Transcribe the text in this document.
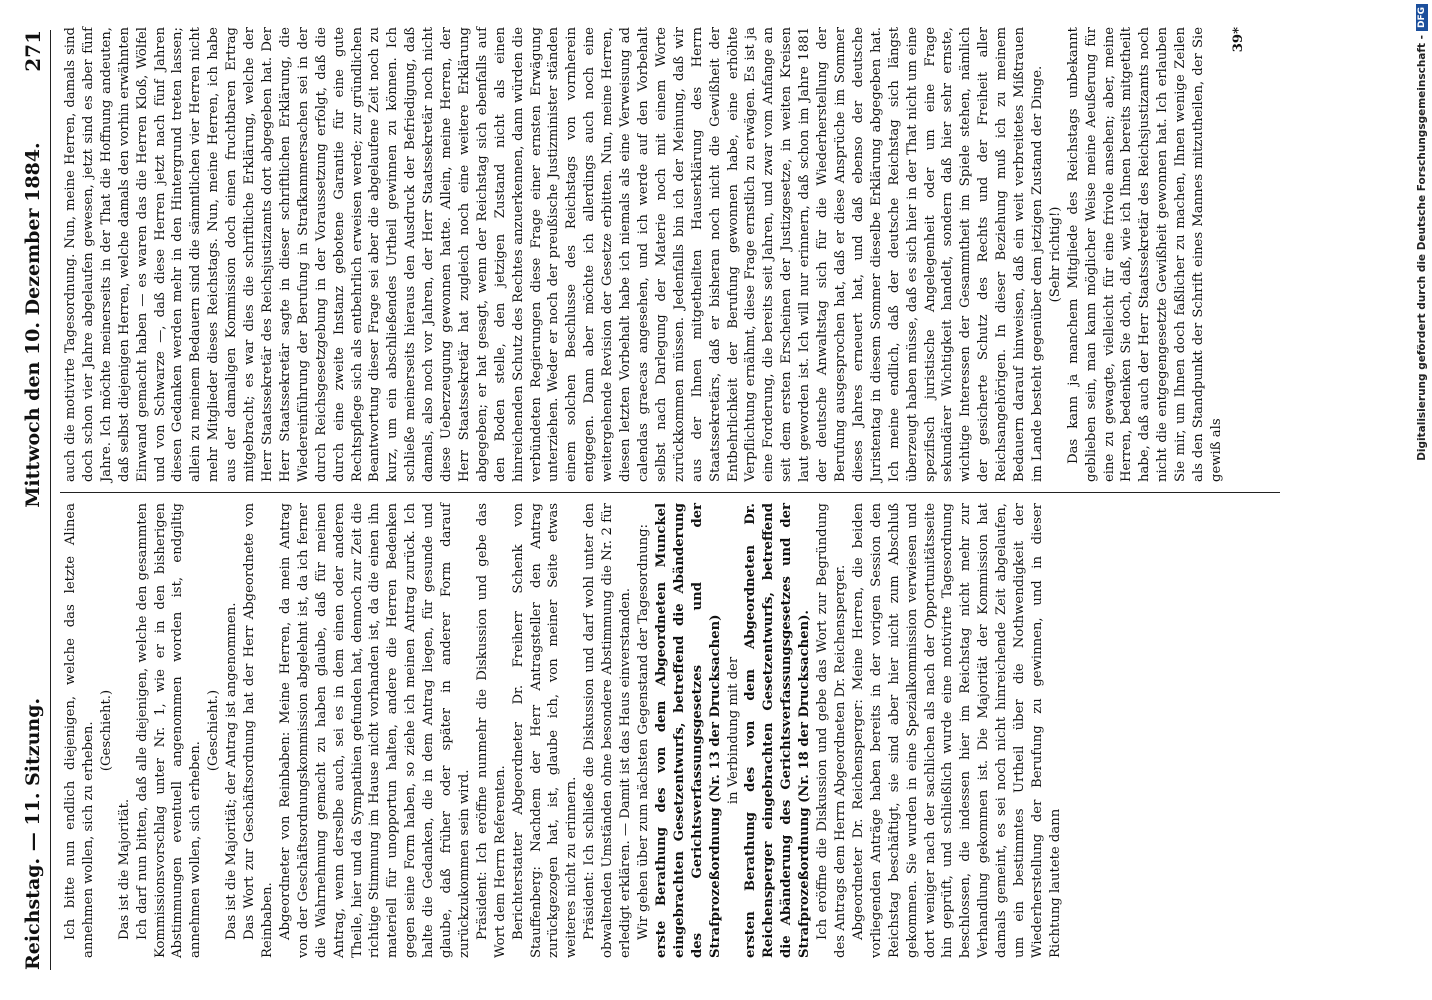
Reichstag. — 11. Sitzung.
Mittwoch den 10. Dezember 1884.
271

Ich bitte nun endlich diejenigen, welche das letzte Alinea annehmen wollen, sich zu erheben. (Geschieht.)

Das ist die Majorität. Ich darf nun bitten, daß alle diejenigen, welche den gesammten Kommissionsvorschlag unter Nr. 1, wie er in den bisherigen Abstimmungen eventuell angenommen worden ist, endgiltig annehmen wollen, sich erheben.

(Geschieht.) Das ist die Majorität; der Antrag ist angenommen. Das Wort zur Geschäftsordnung hat der Herr Abgeordnete von Reinbaben. Abgeordneter von Reinbaben: Meine Herren, da mein Antrag von der Geschäftsordnungskommission abgelehnt ist, da ich ferner die Wahrnehmung gemacht zu haben glaube, daß für meinen Antrag, wenn derselbe auch, sei es in dem einen oder anderen Theile, hier und da Sympathien gefunden hat, dennoch zur Zeit die richtige Stimmung im Hause nicht vorhanden ist, da die einen ihn materiell für unopportun halten, andere die Herren Bedenken gegen seine Form haben, so ziehe ich meinen Antrag zurück. Ich halte die Gedanken, die in dem Antrag liegen, für gesunde und glaube, daß früher oder später in anderer Form darauf zurückzukommen sein wird. Präsident: Ich eröffne nunmehr die Diskussion und gebe das Wort dem Herrn Referenten. Berichterstatter Abgeordneter Dr. Freiherr Schenk von Stauffenberg: Nachdem der Herr Antragsteller den Antrag zurückgezogen hat, ist, glaube ich, von meiner Seite etwas weiteres nicht zu erinnern. Präsident: Ich schließe die Diskussion und darf wohl unter den obwaltenden Umständen ohne besondere Abstimmung die Nr. 2 für erledigt erklären. — Damit ist das Haus einverstanden. Wir gehen über zum nächsten Gegenstand der Tagesordnung: erste Berathung des von dem Abgeordneten Munckel eingebrachten Gesetzentwurfs, betreffend die Abänderung des Gerichtsverfassungsgesetzes und der Strafprozeßordnung (Nr. 13 der Drucksachen) in Verbindung mit der ersten Berathung des von dem Abgeordneten Dr. Reichensperger eingebrachten Gesetzentwurfs, betreffend die Abänderung des Gerichtsverfassungsgesetzes und der Strafprozeßordnung (Nr. 18 der Drucksachen). Ich eröffne die Diskussion und gebe das Wort zur Begründung des Antrags dem Herrn Abgeordneten Dr. Reichensperger. Abgeordneter Dr. Reichensperger: Meine Herren, die beiden vorliegenden Anträge haben bereits in der vorigen Session den Reichstag beschäftigt, sie sind aber hier nicht zum Abschluß gekommen. Sie wurden in eine Spezialkommission verwiesen und dort weniger nach der sachlichen als nach der Opportunitätsseite hin geprüft, und schließlich wurde eine motivirte Tagesordnung beschlossen, die indessen hier im Reichstag nicht mehr zur Verhandlung gekommen ist. Die Majorität der Kommission hat damals gemeint, es sei noch nicht hinreichende Zeit abgelaufen, um ein bestimmtes Urtheil über die Nothwendigkeit der Wiederherstellung der Berufung zu gewinnen, und in dieser Richtung lautete dann

auch die motivirte Tagesordnung. Nun, meine Herren, damals sind doch schon vier Jahre abgelaufen gewesen, jetzt sind es aber fünf Jahre. Ich möchte meinerseits in der That die Hoffnung andeuten, daß selbst diejenigen Herren, welche damals den vorhin erwähnten Einwand gemacht haben — es waren das die Herren Kloß, Wölfel und von Schwarze —, daß diese Herren jetzt nach fünf Jahren diesen Gedanken werden mehr in den Hintergrund treten lassen; allein zu meinem Bedauern sind die sämmtlichen vier Herren nicht mehr Mitglieder dieses Reichstags. Nun, meine Herren, ich habe aus der damaligen Kommission doch einen fruchtbaren Ertrag mitgebracht; es war dies die schriftliche Erklärung, welche der Herr Staatssekretär des Reichsjustizamts dort abgegeben hat. Der Herr Staatssekretär sagte in dieser schriftlichen Erklärung, die Wiedereinführung der Berufung in Strafkammersachen sei in der durch Reichsgesetzgebung in der Voraussetzung erfolgt, daß die durch eine zweite Instanz gebotene Garantie für eine gute Rechtspflege sich als entbehrlich erweisen werde; zur gründlichen Beantwortung dieser Frage sei aber die abgelaufene Zeit noch zu kurz, um ein abschließendes Urtheil gewinnen zu können. Ich schließe meinerseits hieraus den Ausdruck der Befriedigung, daß damals, also noch vor Jahren, der Herr Staatssekretär noch nicht diese Ueberzeugung gewonnen hatte. Allein, meine Herren, der Herr Staatssekretär hat zugleich noch eine weitere Erklärung abgegeben; er hat gesagt, wenn der Reichstag sich ebenfalls auf den Boden stelle, den jetzigen Zustand nicht als einen hinreichenden Schutz des Rechtes anzuerkennen, dann würden die verbündeten Regierungen diese Frage einer ernsten Erwägung unterziehen. Weder er noch der preußische Justizminister ständen einem solchen Beschlusse des Reichstags von vornherein entgegen. Dann aber möchte ich allerdings auch noch eine weitergehende Revision der Gesetze erbitten. Nun, meine Herren, diesen letzten Vorbehalt habe ich niemals als eine Verweisung ad calendas graecas angesehen, und ich werde auf den Vorbehalt selbst nach Darlegung der Materie noch mit einem Worte zurückkommen müssen. Jedenfalls bin ich der Meinung, daß wir aus der Ihnen mitgetheilten Hauserklärung des Herrn Staatssekretärs, daß er bisheran noch nicht die Gewißheit der Entbehrlichkeit der Berufung gewonnen habe, eine erhöhte Verpflichtung ernähmt, diese Frage ernstlich zu erwägen. Es ist ja eine Forderung, die bereits seit Jahren, und zwar vom Anfange an seit dem ersten Erscheinen der Justizgesetze, in weiten Kreisen laut geworden ist. Ich will nur erinnern, daß schon im Jahre 1881 der deutsche Anwaltstag sich für die Wiederherstellung der Berufung ausgesprochen hat, daß er diese Ansprüche im Sommer dieses Jahres erneuert hat, und daß ebenso der deutsche Juristentag in diesem Sommer dieselbe Erklärung abgegeben hat. Ich meine endlich, daß der deutsche Reichstag sich längst überzeugt haben müsse, daß es sich hier in der That nicht um eine spezifisch juristische Angelegenheit oder um eine Frage sekundärer Wichtigkeit handelt, sondern daß hier sehr ernste, wichtige Interessen der Gesammtheit im Spiele stehen, nämlich der gesicherte Schutz des Rechts und der Freiheit aller Reichsangehörigen. In dieser Beziehung muß ich zu meinem Bedauern darauf hinweisen, daß ein weit verbreitetes Mißtrauen im Lande besteht gegenüber dem jetzigen Zustand der Dinge. (Sehr richtig!) Das kann ja manchem Mitgliede des Reichstags unbekannt geblieben sein, man kann möglicher Weise meine Aeußerung für eine zu gewagte, vielleicht für eine frivole ansehen; aber, meine Herren, bedenken Sie doch, daß, wie ich Ihnen bereits mitgetheilt habe, daß auch der Herr Staatssekretär des Reichsjustizamts noch nicht die entgegengesetzte Gewißheit gewonnen hat. Ich erlauben Sie mir, um Ihnen doch faßlicher zu machen, Ihnen wenige Zeilen als den Standpunkt der Schrift eines Mannes mitzutheilen, der Sie gewiß als

39*	Digitalisierung gefördert durch die Deutsche Forschungsgemeinschaft -
DFG
